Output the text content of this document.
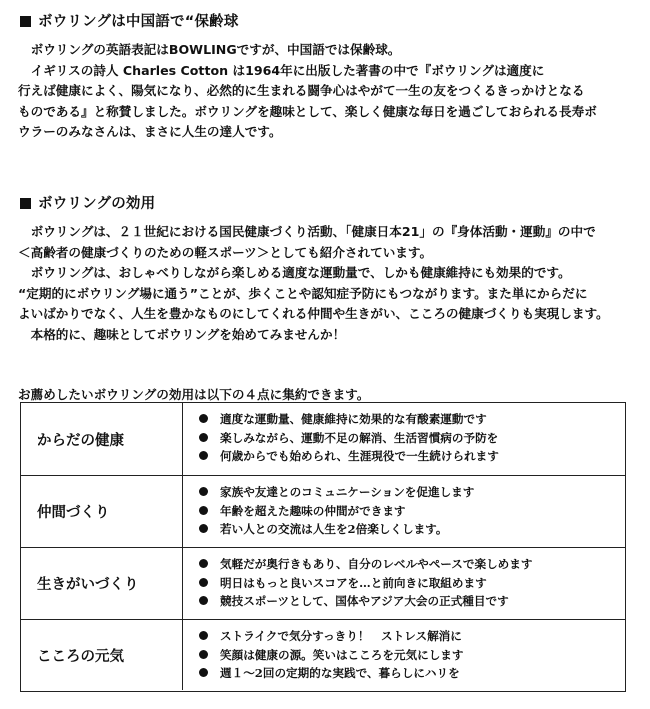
ボウリングは中国語で“保齢球

　ボウリングの英語表記はBOWLINGですが、中国語では保齢球。
　イギリスの詩人 Charles Cotton は1964年に出版した著書の中で『ボウリングは適度に
行えば健康によく、陽気になり、必然的に生まれる闘争心はやがて一生の友をつくるきっかけとなる
ものである』と称賛しました。ボウリングを趣味として、楽しく健康な毎日を過ごしておられる長寿ボ
ウラーのみなさんは、まさに人生の達人です。

ボウリングの効用

　ボウリングは、２１世紀における国民健康づくり活動、「健康日本21」の『身体活動・運動』の中で
＜高齢者の健康づくりのための軽スポーツ＞としても紹介されています。
　ボウリングは、おしゃべりしながら楽しめる適度な運動量で、しかも健康維持にも効果的です。
“定期的にボウリング場に通う”ことが、歩くことや認知症予防にもつながります。また単にからだに
よいばかりでなく、人生を豊かなものにしてくれる仲間や生きがい、こころの健康づくりも実現します。
　本格的に、趣味としてボウリングを始めてみませんか！

お薦めしたいボウリングの効用は以下の４点に集約できます。
からだの健康
適度な運動量、健康維持に効果的な有酸素運動です
楽しみながら、運動不足の解消、生活習慣病の予防を
何歳からでも始められ、生涯現役で一生続けられます
仲間づくり
家族や友達とのコミュニケーションを促進します
年齢を超えた趣味の仲間ができます
若い人との交流は人生を2倍楽しくします。
生きがいづくり
気軽だが奥行きもあり、自分のレベルやペースで楽しめます
明日はもっと良いスコアを…と前向きに取組めます
競技スポーツとして、国体やアジア大会の正式種目です
こころの元気
ストライクで気分すっきり！　ストレス解消に
笑顔は健康の源。笑いはこころを元気にします
週１～2回の定期的な実践で、暮らしにハリを
